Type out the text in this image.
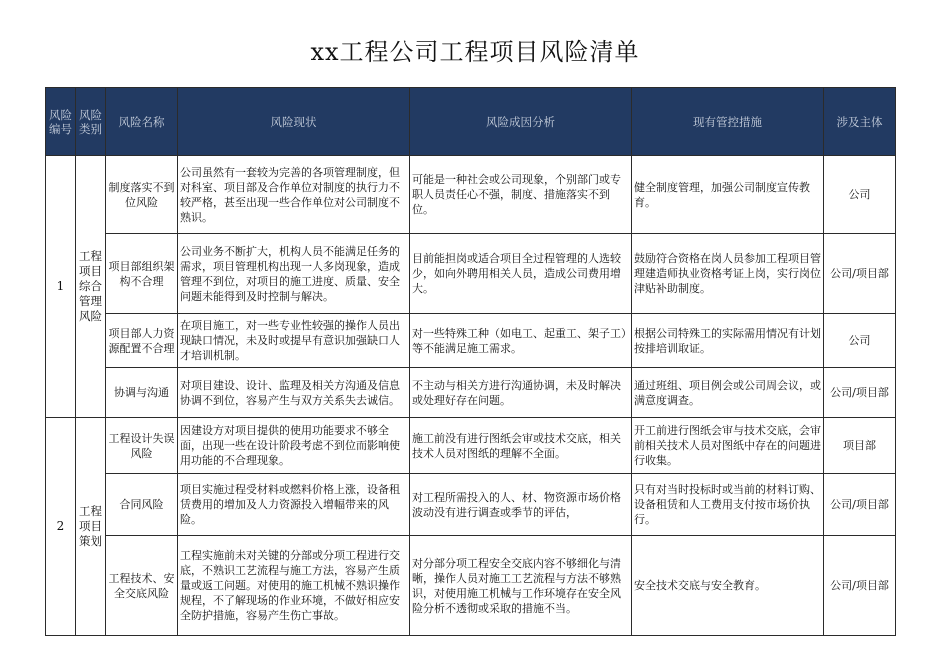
xx工程公司工程项目风险清单
风险编号	风险类别	风险名称	风险现状	风险成因分析	现有管控措施	涉及主体
1	工程项目综合管理风险	制度落实不到位风险	公司虽然有一套较为完善的各项管理制度，但对科室、项目部及合作单位对制度的执行力不较严格，甚至出现一些合作单位对公司制度不熟识。	可能是一种社会或公司现象，个别部门或专职人员责任心不强，制度、措施落实不到位。	健全制度管理，加强公司制度宣传教育。	公司
		项目部组织架构不合理	公司业务不断扩大，机构人员不能满足任务的需求，项目管理机构出现一人多岗现象，造成管理不到位，对项目的施工进度、质量、安全问题未能得到及时控制与解决。	目前能担岗或适合项目全过程管理的人选较少，如向外聘用相关人员，造成公司费用增大。	鼓励符合资格在岗人员参加工程项目管理建造师执业资格考证上岗，实行岗位津贴补助制度。	公司/项目部
		项目部人力资源配置不合理	在项目施工，对一些专业性较强的操作人员出现缺口情况，未及时或提早有意识加强缺口人才培训机制。	对一些特殊工种（如电工、起重工、架子工）等不能满足施工需求。	根据公司特殊工的实际需用情况有计划按排培训取证。	公司
		协调与沟通	对项目建设、设计、监理及相关方沟通及信息协调不到位，容易产生与双方关系失去诚信。	不主动与相关方进行沟通协调，未及时解决或处理好存在问题。	通过班组、项目例会或公司周会议，或满意度调查。	公司/项目部
2	工程项目策划	工程设计失误风险	因建设方对项目提供的使用功能要求不够全面，出现一些在设计阶段考虑不到位而影响使用功能的不合理现象。	施工前没有进行图纸会审或技术交底，相关技术人员对图纸的理解不全面。	开工前进行图纸会审与技术交底，会审前相关技术人员对图纸中存在的问题进行收集。	项目部
		合同风险	项目实施过程受材料或燃料价格上涨，设备租赁费用的增加及人力资源投入增幅带来的风险。	对工程所需投入的人、材、物资源市场价格波动没有进行调查或季节的评估，	只有对当时投标时或当前的材料订购、设备租赁和人工费用支付按市场价执行。	公司/项目部
		工程技术、安全交底风险	工程实施前未对关键的分部或分项工程进行交底，不熟识工艺流程与施工方法，容易产生质量或返工问题。对使用的施工机械不熟识操作规程，不了解现场的作业环境，不做好相应安全防护措施，容易产生伤亡事故。	对分部分项工程安全交底内容不够细化与清晰，操作人员对施工工艺流程与方法不够熟识，对使用施工机械与工作环境存在安全风险分析不透彻或采取的措施不当。	安全技术交底与安全教育。	公司/项目部
